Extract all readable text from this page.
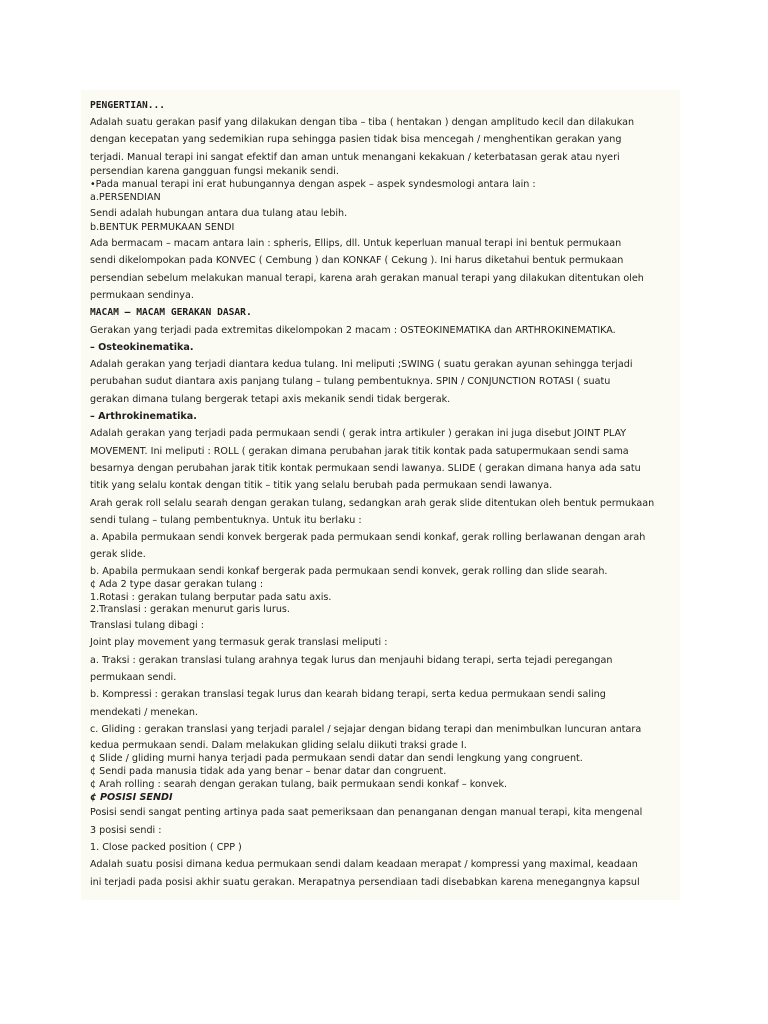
PENGERTIAN...
Adalah suatu gerakan pasif yang dilakukan dengan tiba – tiba ( hentakan ) dengan amplitudo kecil dan dilakukan
dengan kecepatan yang sedemikian rupa sehingga pasien tidak bisa mencegah / menghentikan gerakan yang
terjadi. Manual terapi ini sangat efektif dan aman untuk menangani kekakuan / keterbatasan gerak atau nyeri
persendian karena gangguan fungsi mekanik sendi.
•Pada manual terapi ini erat hubungannya dengan aspek – aspek syndesmologi antara lain :
a.PERSENDIAN
Sendi adalah hubungan antara dua tulang atau lebih.
b.BENTUK PERMUKAAN SENDI
Ada bermacam – macam antara lain : spheris, Ellips, dll. Untuk keperluan manual terapi ini bentuk permukaan
sendi dikelompokan pada KONVEC ( Cembung ) dan KONKAF ( Cekung ). Ini harus diketahui bentuk permukaan
persendian sebelum melakukan manual terapi, karena arah gerakan manual terapi yang dilakukan ditentukan oleh
permukaan sendinya.
MACAM – MACAM GERAKAN DASAR.
Gerakan yang terjadi pada extremitas dikelompokan 2 macam : OSTEOKINEMATIKA dan ARTHROKINEMATIKA.
– Osteokinematika.
Adalah gerakan yang terjadi diantara kedua tulang. Ini meliputi ;SWING ( suatu gerakan ayunan sehingga terjadi
perubahan sudut diantara axis panjang tulang – tulang pembentuknya. SPIN / CONJUNCTION ROTASI ( suatu
gerakan dimana tulang bergerak tetapi axis mekanik sendi tidak bergerak.
– Arthrokinematika.
Adalah gerakan yang terjadi pada permukaan sendi ( gerak intra artikuler ) gerakan ini juga disebut JOINT PLAY
MOVEMENT. Ini meliputi : ROLL ( gerakan dimana perubahan jarak titik kontak pada satupermukaan sendi sama
besarnya dengan perubahan jarak titik kontak permukaan sendi lawanya. SLIDE ( gerakan dimana hanya ada satu
titik yang selalu kontak dengan titik – titik yang selalu berubah pada permukaan sendi lawanya.
Arah gerak roll selalu searah dengan gerakan tulang, sedangkan arah gerak slide ditentukan oleh bentuk permukaan
sendi tulang – tulang pembentuknya. Untuk itu berlaku :
a. Apabila permukaan sendi konvek bergerak pada permukaan sendi konkaf, gerak rolling berlawanan dengan arah
gerak slide.
b. Apabila permukaan sendi konkaf bergerak pada permukaan sendi konvek, gerak rolling dan slide searah.
¢ Ada 2 type dasar gerakan tulang :
1.Rotasi : gerakan tulang berputar pada satu axis.
2.Translasi : gerakan menurut garis lurus.
Translasi tulang dibagi :
Joint play movement yang termasuk gerak translasi meliputi :
a. Traksi : gerakan translasi tulang arahnya tegak lurus dan menjauhi bidang terapi, serta tejadi peregangan
permukaan sendi.
b. Kompressi : gerakan translasi tegak lurus dan kearah bidang terapi, serta kedua permukaan sendi saling
mendekati / menekan.
c. Gliding : gerakan translasi yang terjadi paralel / sejajar dengan bidang terapi dan menimbulkan luncuran antara
kedua permukaan sendi. Dalam melakukan gliding selalu diikuti traksi grade I.
¢ Slide / gliding murni hanya terjadi pada permukaan sendi datar dan sendi lengkung yang congruent.
¢ Sendi pada manusia tidak ada yang benar – benar datar dan congruent.
¢ Arah rolling : searah dengan gerakan tulang, baik permukaan sendi konkaf – konvek.
¢ POSISI SENDI
Posisi sendi sangat penting artinya pada saat pemeriksaan dan penanganan dengan manual terapi, kita mengenal
3 posisi sendi :
1. Close packed position ( CPP )
Adalah suatu posisi dimana kedua permukaan sendi dalam keadaan merapat / kompressi yang maximal, keadaan
ini terjadi pada posisi akhir suatu gerakan. Merapatnya persendiaan tadi disebabkan karena menegangnya kapsul
